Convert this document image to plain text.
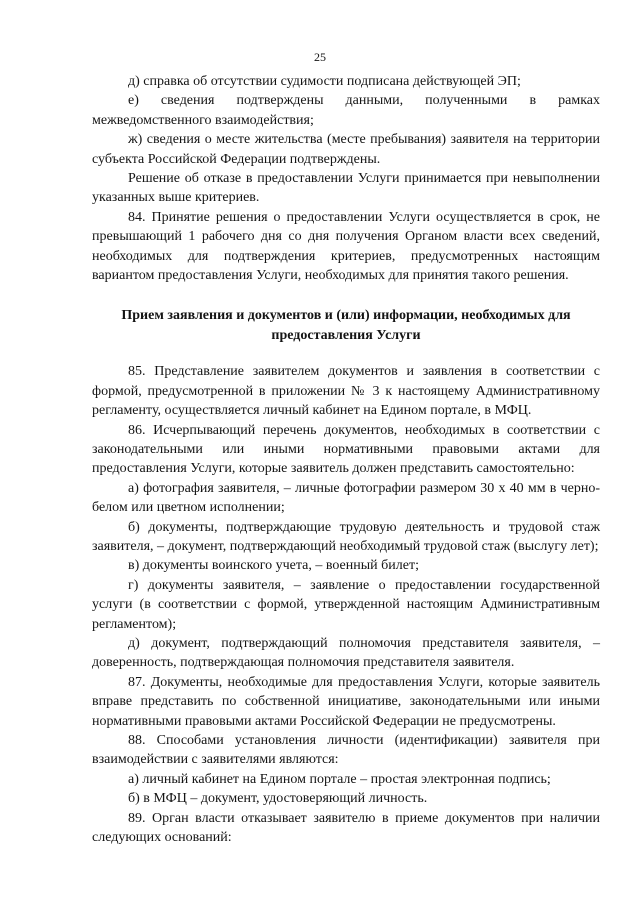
25

д) справка об отсутствии судимости подписана действующей ЭП;

е) сведения подтверждены данными, полученными в рамках межведомственного взаимодействия;

ж) сведения о месте жительства (месте пребывания) заявителя на территории субъекта Российской Федерации подтверждены.

Решение об отказе в предоставлении Услуги принимается при невыполнении указанных выше критериев.

84. Принятие решения о предоставлении Услуги осуществляется в срок, не превышающий 1 рабочего дня со дня получения Органом власти всех сведений, необходимых для подтверждения критериев, предусмотренных настоящим вариантом предоставления Услуги, необходимых для принятия такого решения.

Прием заявления и документов и (или) информации, необходимых для предоставления Услуги

85. Представление заявителем документов и заявления в соответствии с формой, предусмотренной в приложении № 3 к настоящему Административному регламенту, осуществляется личный кабинет на Едином портале, в МФЦ.

86. Исчерпывающий перечень документов, необходимых в соответствии с законодательными или иными нормативными правовыми актами для предоставления Услуги, которые заявитель должен представить самостоятельно:

а) фотография заявителя, – личные фотографии размером 30 x 40 мм в черно-белом или цветном исполнении;

б) документы, подтверждающие трудовую деятельность и трудовой стаж заявителя, – документ, подтверждающий необходимый трудовой стаж (выслугу лет);

в) документы воинского учета, – военный билет;

г) документы заявителя, – заявление о предоставлении государственной услуги (в соответствии с формой, утвержденной настоящим Административным регламентом);

д) документ, подтверждающий полномочия представителя заявителя, – доверенность, подтверждающая полномочия представителя заявителя.

87. Документы, необходимые для предоставления Услуги, которые заявитель вправе представить по собственной инициативе, законодательными или иными нормативными правовыми актами Российской Федерации не предусмотрены.

88. Способами установления личности (идентификации) заявителя при взаимодействии с заявителями являются:

а) личный кабинет на Едином портале – простая электронная подпись;

б) в МФЦ – документ, удостоверяющий личность.

89. Орган власти отказывает заявителю в приеме документов при наличии следующих оснований:
